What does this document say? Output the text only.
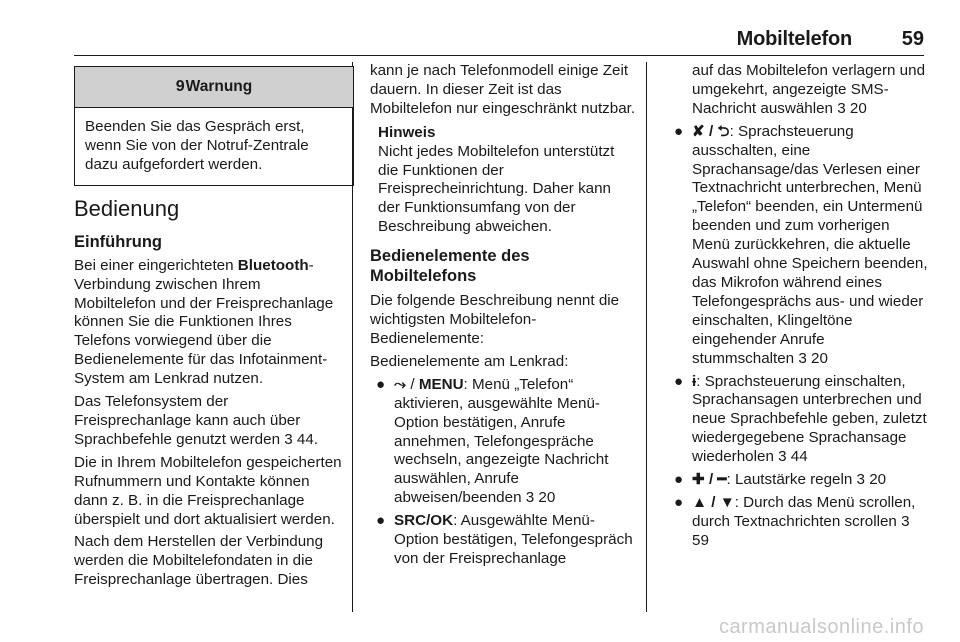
Mobiltelefon 59
9Warnung

Beenden Sie das Gespräch erst, wenn Sie von der Notruf-Zentrale dazu aufgefordert werden.

Bedienung
Einführung

Bei einer eingerichteten Bluetooth-Verbindung zwischen Ihrem Mobiltelefon und der Freisprechanlage können Sie die Funktionen Ihres Telefons vorwiegend über die Bedienelemente für das Infotainment-System am Lenkrad nutzen.

Das Telefonsystem der Freisprechanlage kann auch über Sprachbefehle genutzt werden 3 44.

Die in Ihrem Mobiltelefon gespeicherten Rufnummern und Kontakte können dann z. B. in die Freisprechanlage überspielt und dort aktualisiert werden.

Nach dem Herstellen der Verbindung werden die Mobiltelefondaten in die Freisprechanlage übertragen. Dies

kann je nach Telefonmodell einige Zeit dauern. In dieser Zeit ist das Mobiltelefon nur eingeschränkt nutzbar.

Hinweis

Nicht jedes Mobiltelefon unterstützt die Funktionen der Freisprecheinrichtung. Daher kann der Funktionsumfang von der Beschreibung abweichen.

Bedienelemente des Mobiltelefons

Die folgende Beschreibung nennt die wichtigsten Mobiltelefon-Bedienelemente:

Bedienelemente am Lenkrad:

● ⤳ / MENU: Menü „Telefon“ aktivieren, ausgewählte Menü-Option bestätigen, Anrufe annehmen, Telefongespräche wechseln, angezeigte Nachricht auswählen, Anrufe abweisen/beenden 3 20
● SRC/OK: Ausgewählte Menü-Option bestätigen, Telefongespräch von der Freisprechanlage

auf das Mobiltelefon verlagern und umgekehrt, angezeigte SMS-Nachricht auswählen 3 20

● ✘ / ⮌: Sprachsteuerung ausschalten, eine Sprachansage/das Verlesen einer Textnachricht unterbrechen, Menü „Telefon“ beenden, ein Untermenü beenden und zum vorherigen Menü zurückkehren, die aktuelle Auswahl ohne Speichern beenden, das Mikrofon während eines Telefongesprächs aus- und wieder einschalten, Klingeltöne eingehender Anrufe stummschalten 3 20
● ɨ: Sprachsteuerung einschalten, Sprachansagen unterbrechen und neue Sprachbefehle geben, zuletzt wiedergegebene Sprachansage wiederholen 3 44
● ✚ / ━: Lautstärke regeln 3 20
● ▲ / ▼: Durch das Menü scrollen, durch Textnachrichten scrollen 3 59
carmanualsonline.info
